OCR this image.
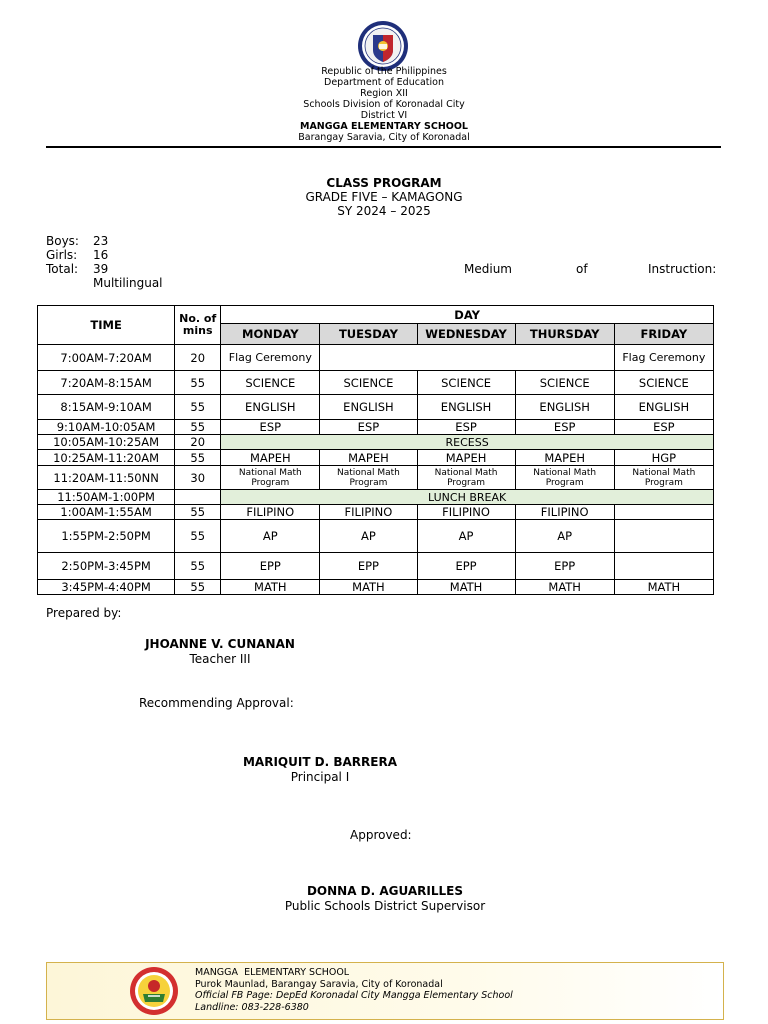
Republic of the Philippines
Department of Education
Region XII
Schools Division of Koronadal City
District VI
MANGGA ELEMENTARY SCHOOL
Barangay Saravia, City of Koronadal
CLASS PROGRAM
GRADE FIVE – KAMAGONG
SY 2024 – 2025
Boys: 23
Girls: 16
Total: 39	Medium	of	Instruction:
Multilingual
TIME	No. of mins	DAY				
		MONDAY	TUESDAY	WEDNESDAY	THURSDAY	FRIDAY
7:00AM-7:20AM	20	Flag Ceremony				Flag Ceremony
7:20AM-8:15AM	55	SCIENCE	SCIENCE	SCIENCE	SCIENCE	SCIENCE
8:15AM-9:10AM	55	ENGLISH	ENGLISH	ENGLISH	ENGLISH	ENGLISH
9:10AM-10:05AM	55	ESP	ESP	ESP	ESP	ESP
10:05AM-10:25AM	20	RECESS				
10:25AM-11:20AM	55	MAPEH	MAPEH	MAPEH	MAPEH	HGP
11:20AM-11:50NN	30	National Math Program	National Math Program	National Math Program	National Math Program	National Math Program
11:50AM-1:00PM		LUNCH BREAK				
1:00AM-1:55AM	55	FILIPINO	FILIPINO	FILIPINO	FILIPINO	
1:55PM-2:50PM	55	AP	AP	AP	AP	
2:50PM-3:45PM	55	EPP	EPP	EPP	EPP	
3:45PM-4:40PM	55	MATH	MATH	MATH	MATH	MATH
Prepared by:
JHOANNE V. CUNANAN
Teacher III
Recommending Approval:
MARIQUIT D. BARRERA
Principal I
Approved:
DONNA D. AGUARILLES
Public Schools District Supervisor
MANGGA  ELEMENTARY SCHOOL
Purok Maunlad, Barangay Saravia, City of Koronadal
Official FB Page: DepEd Koronadal City Mangga Elementary School
Landline: 083-228-6380
